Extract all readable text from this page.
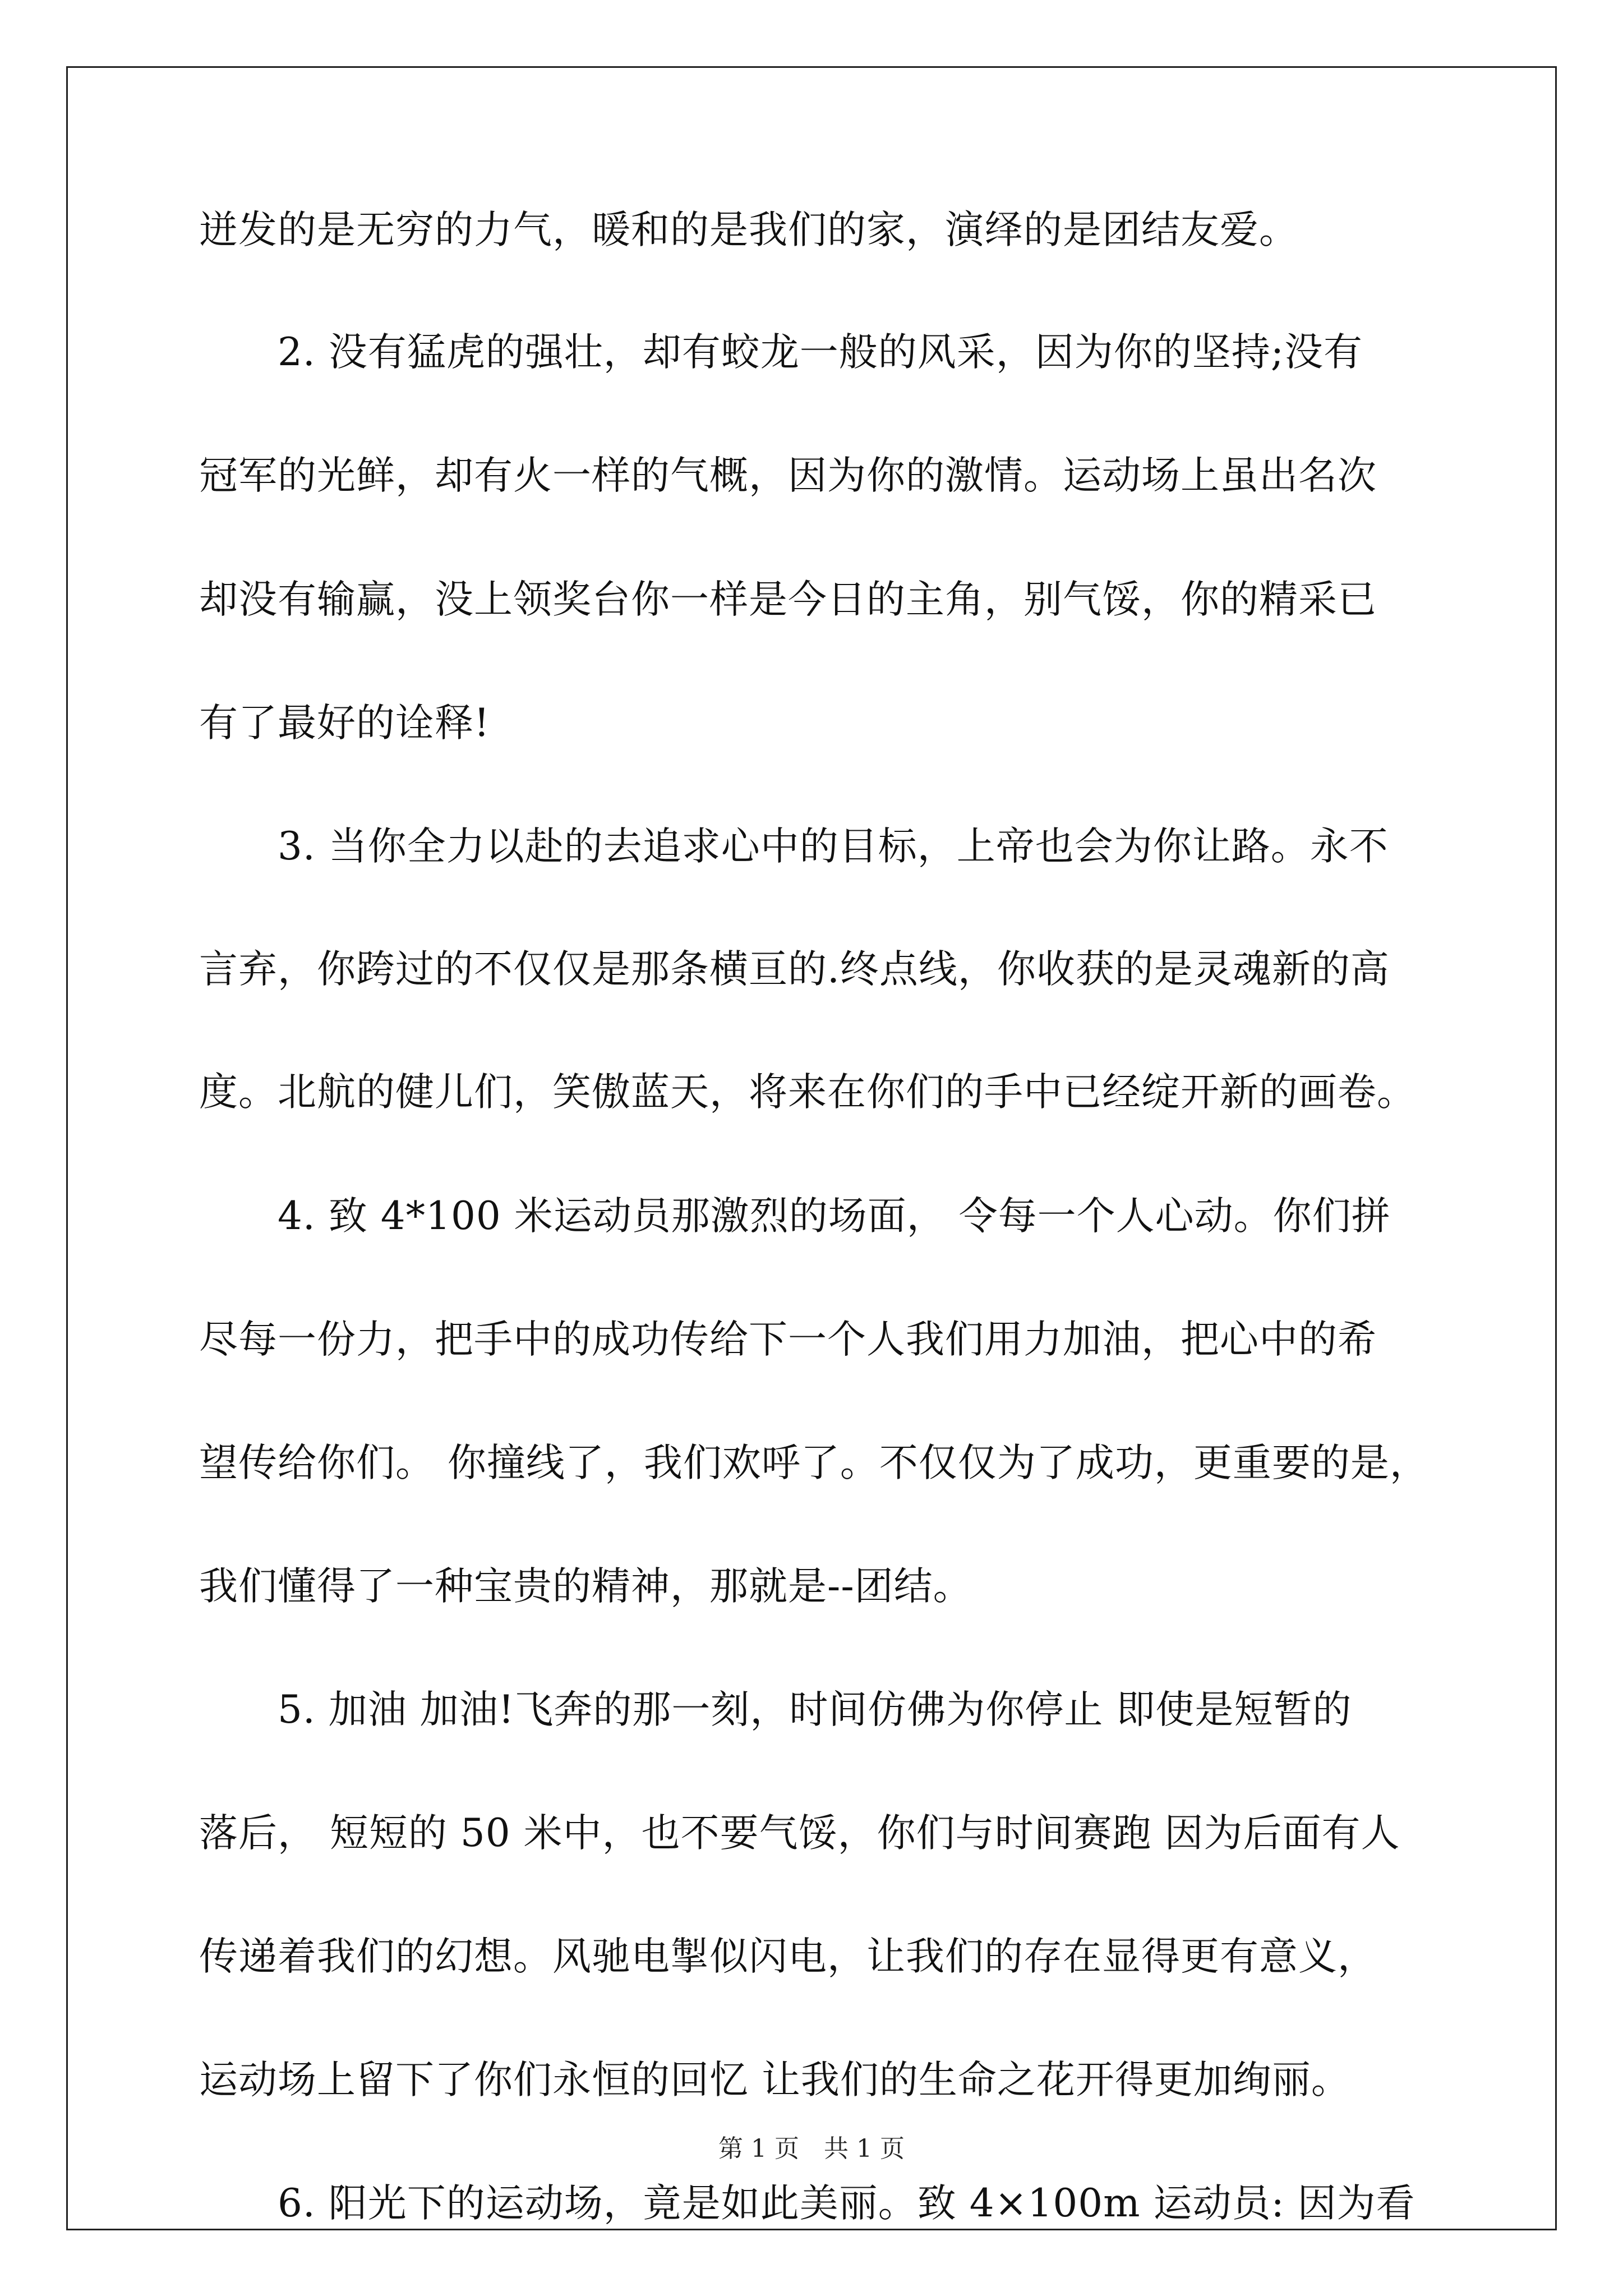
迸发的是无穷的力气，暖和的是我们的家，演绎的是团结友爱。
　　2. 没有猛虎的强壮，却有蛟龙一般的风采，因为你的坚持;没有
冠军的光鲜，却有火一样的气概，因为你的激情。运动场上虽出名次
却没有输赢，没上领奖台你一样是今日的主角，别气馁，你的精采已
有了最好的诠释!
　　3. 当你全力以赴的去追求心中的目标，上帝也会为你让路。永不
言弃，你跨过的不仅仅是那条横亘的.终点线，你收获的是灵魂新的高
度。北航的健儿们，笑傲蓝天，将来在你们的手中已经绽开新的画卷。
　　4. 致 4*100 米运动员那激烈的场面， 令每一个人心动。你们拼
尽每一份力，把手中的成功传给下一个人我们用力加油，把心中的希
望传给你们。 你撞线了，我们欢呼了。不仅仅为了成功，更重要的是，
我们懂得了一种宝贵的精神，那就是--团结。
　　5. 加油 加油!飞奔的那一刻，时间仿佛为你停止 即使是短暂的
落后， 短短的 50 米中，也不要气馁，你们与时间赛跑 因为后面有人
传递着我们的幻想。风驰电掣似闪电，让我们的存在显得更有意义，
运动场上留下了你们永恒的回忆 让我们的生命之花开得更加绚丽。
　　6. 阳光下的运动场，竟是如此美丽。致 4×100m 运动员: 因为看
第 1 页　共 1 页
